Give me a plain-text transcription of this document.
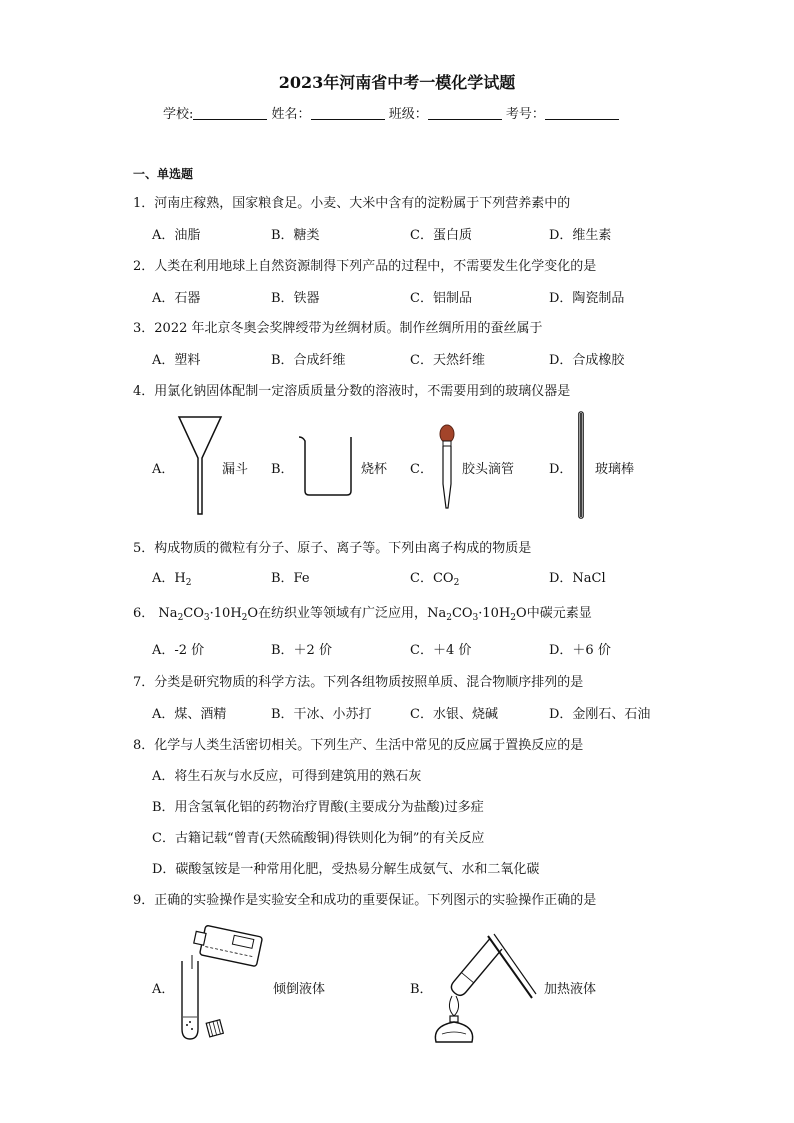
2023年河南省中考一模化学试题
学校:	姓名：	班级：	考号：
一、单选题
1．河南庄稼熟，国家粮食足。小麦、大米中含有的淀粉属于下列营养素中的
A．油脂	B．糖类	C．蛋白质	D．维生素
2．人类在利用地球上自然资源制得下列产品的过程中，不需要发生化学变化的是
A．石器	B．铁器	C．铝制品	D．陶瓷制品
3．2022 年北京冬奥会奖牌绶带为丝绸材质。制作丝绸所用的蚕丝属于
A．塑料	B．合成纤维	C．天然纤维	D．合成橡胶
4．用氯化钠固体配制一定溶质质量分数的溶液时，不需要用到的玻璃仪器是
A．	漏斗 B．	烧杯 C． 胶头滴管	D． 玻璃棒
5．构成物质的微粒有分子、原子、离子等。下列由离子构成的物质是
A．$H_2$	B．Fe	C．$CO_2$	D．NaCl
6． $Na_2CO_3\cdot 10H_2O$在纺织业等领域有广泛应用，$Na_2CO_3\cdot 10H_2O$中碳元素显
A．-2 价	B．＋2 价	C．＋4 价	D．＋6 价
7．分类是研究物质的科学方法。下列各组物质按照单质、混合物顺序排列的是
A．煤、酒精	B．干冰、小苏打	C．水银、烧碱	D．金刚石、石油
8．化学与人类生活密切相关。下列生产、生活中常见的反应属于置换反应的是
A．将生石灰与水反应，可得到建筑用的熟石灰
B．用含氢氧化铝的药物治疗胃酸(主要成分为盐酸)过多症
C．古籍记载“曾青(天然硫酸铜)得铁则化为铜”的有关反应
D．碳酸氢铵是一种常用化肥，受热易分解生成氨气、水和二氧化碳
9．正确的实验操作是实验安全和成功的重要保证。下列图示的实验操作正确的是
A．	倾倒液体	B．	加热液体
